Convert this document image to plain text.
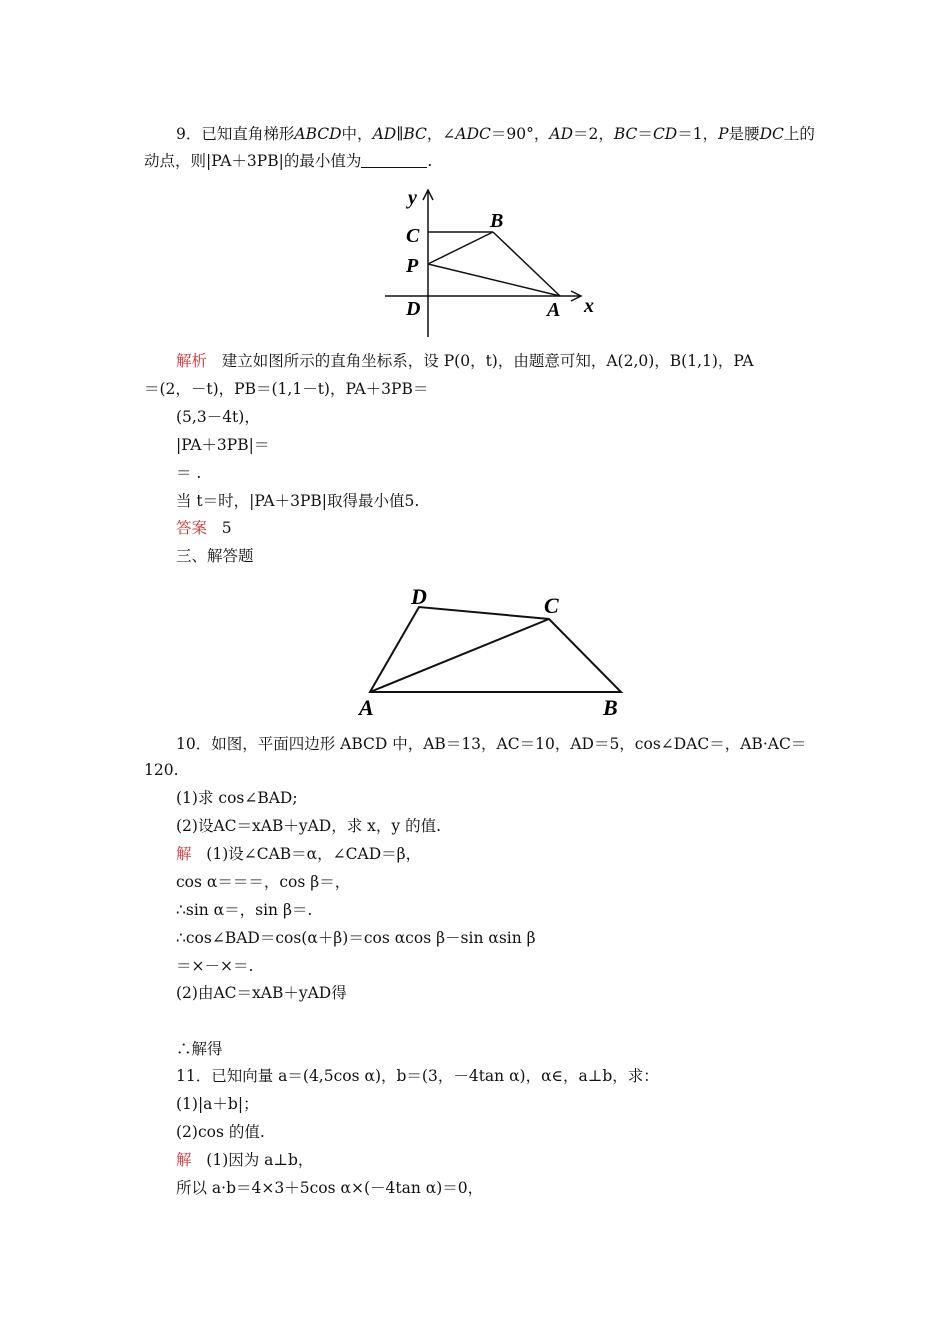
9．已知直角梯形ABCD中，AD∥BC，∠ADC＝90°，AD＝2，BC＝CD＝1，P是腰DC上的
动点，则|PA＋3PB|的最小值为	.
y
x
C
B
P
D	A
解析 建立如图所示的直角坐标系，设 P(0，t)，由题意可知，A(2,0)，B(1,1)，PA
＝(2，－t)，PB＝(1,1－t)，PA＋3PB＝
(5,3－4t)，
|PA＋3PB|＝
＝ .
当 t＝时，|PA＋3PB|取得最小值5.
答案 5
三、解答题
D	C
A	B
10．如图，平面四边形 ABCD 中，AB＝13，AC＝10，AD＝5，cos∠DAC＝，AB·AC＝
120.
(1)求 cos∠BAD;
(2)设AC＝xAB＋yAD，求 x，y 的值.
解 (1)设∠CAB＝α，∠CAD＝β，
cos α＝＝＝，cos β＝，
∴sin α＝，sin β＝.
∴cos∠BAD＝cos(α＋β)＝cos αcos β－sin αsin β
＝×－×＝.
(2)由AC＝xAB＋yAD得
∴解得
11．已知向量 a＝(4,5cos α)，b＝(3，－4tan α)，α∈，a⊥b，求：
(1)|a＋b|；
(2)cos 的值.
解 (1)因为 a⊥b，
所以 a·b＝4×3＋5cos α×(－4tan α)＝0，
